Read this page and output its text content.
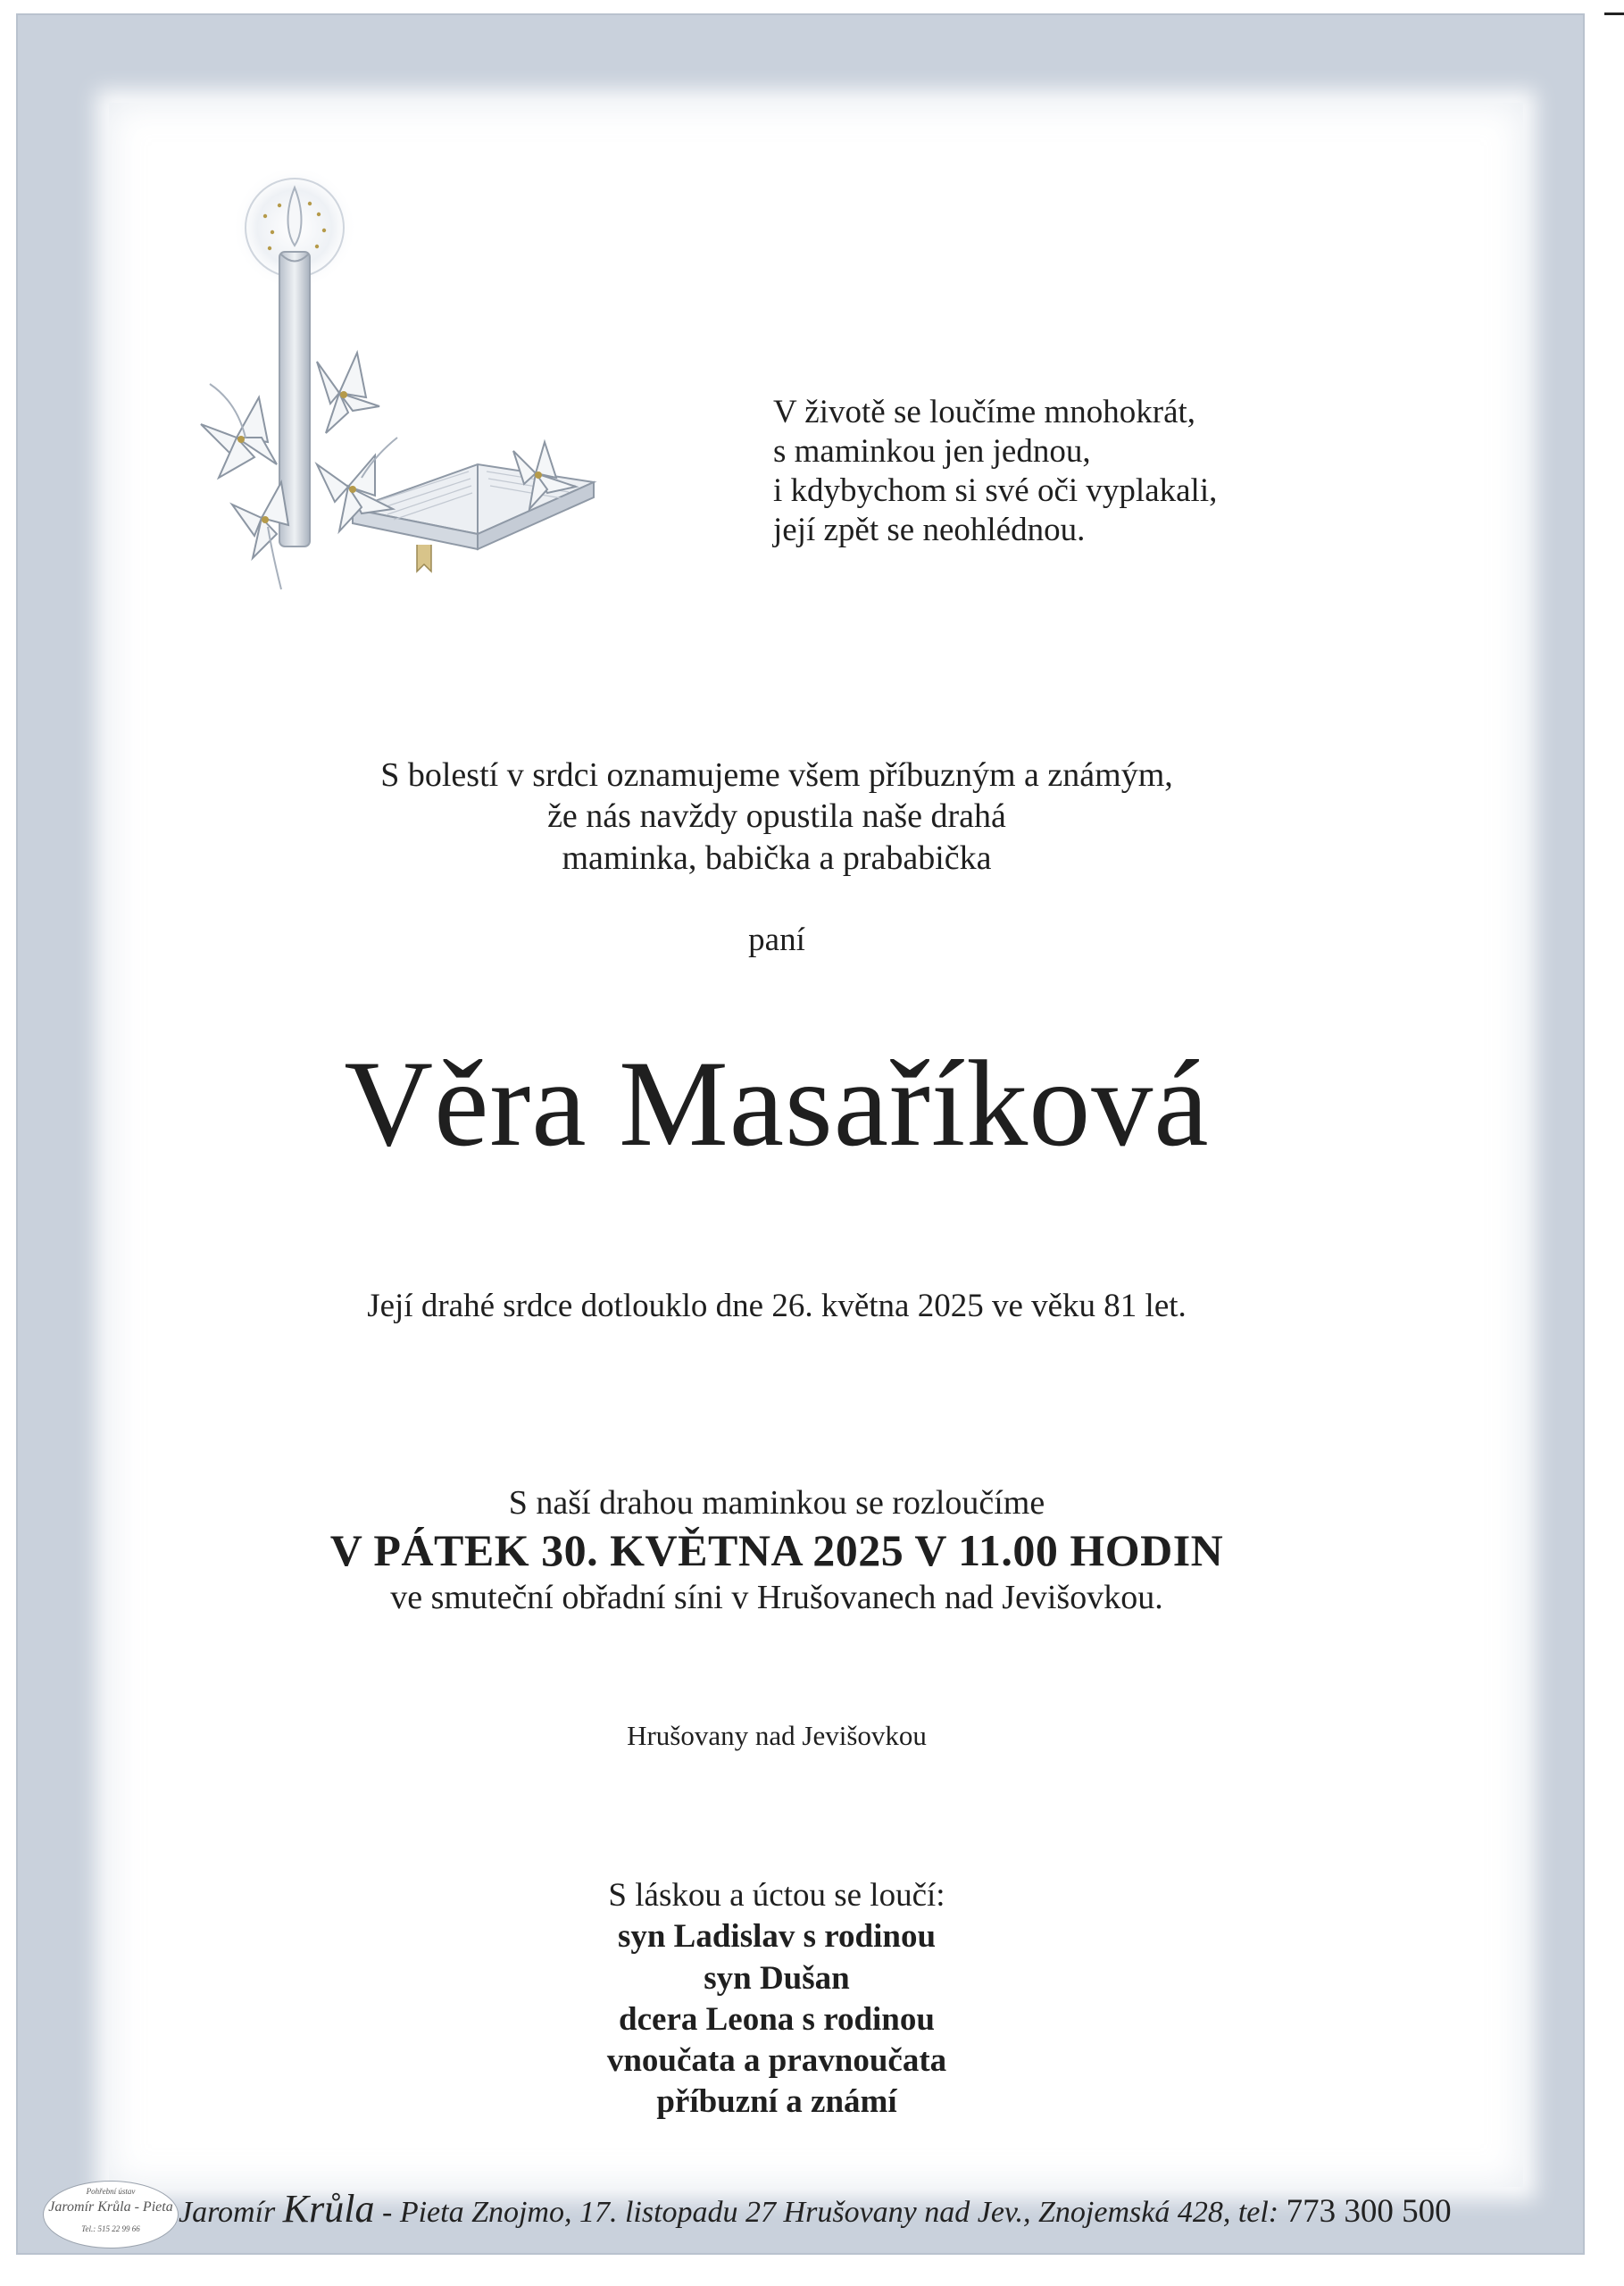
V životě se loučíme mnohokrát,
s maminkou jen jednou,
i kdybychom si své oči vyplakali,
její zpět se neohlédnou.
S bolestí v srdci oznamujeme všem příbuzným a známým,
že nás navždy opustila naše drahá
maminka, babička a prababička
paní
Věra Masaříková
Její drahé srdce dotlouklo dne 26. května 2025 ve věku 81 let.
S naší drahou maminkou se rozloučíme
V PÁTEK 30. KVĚTNA 2025 V 11.00 HODIN
ve smuteční obřadní síni v Hrušovanech nad Jevišovkou.
Hrušovany nad Jevišovkou
S láskou a úctou se loučí:
syn Ladislav s rodinou
syn Dušan
dcera Leona s rodinou
vnoučata a pravnoučata
příbuzní a známí
Pohřební ústav
Jaromír Krůla - Pieta
Tel.: 515 22 99 66	Jaromír Krůla - Pieta Znojmo, 17. listopadu 27 Hrušovany nad Jev., Znojemská 428, tel: 773 300 500
